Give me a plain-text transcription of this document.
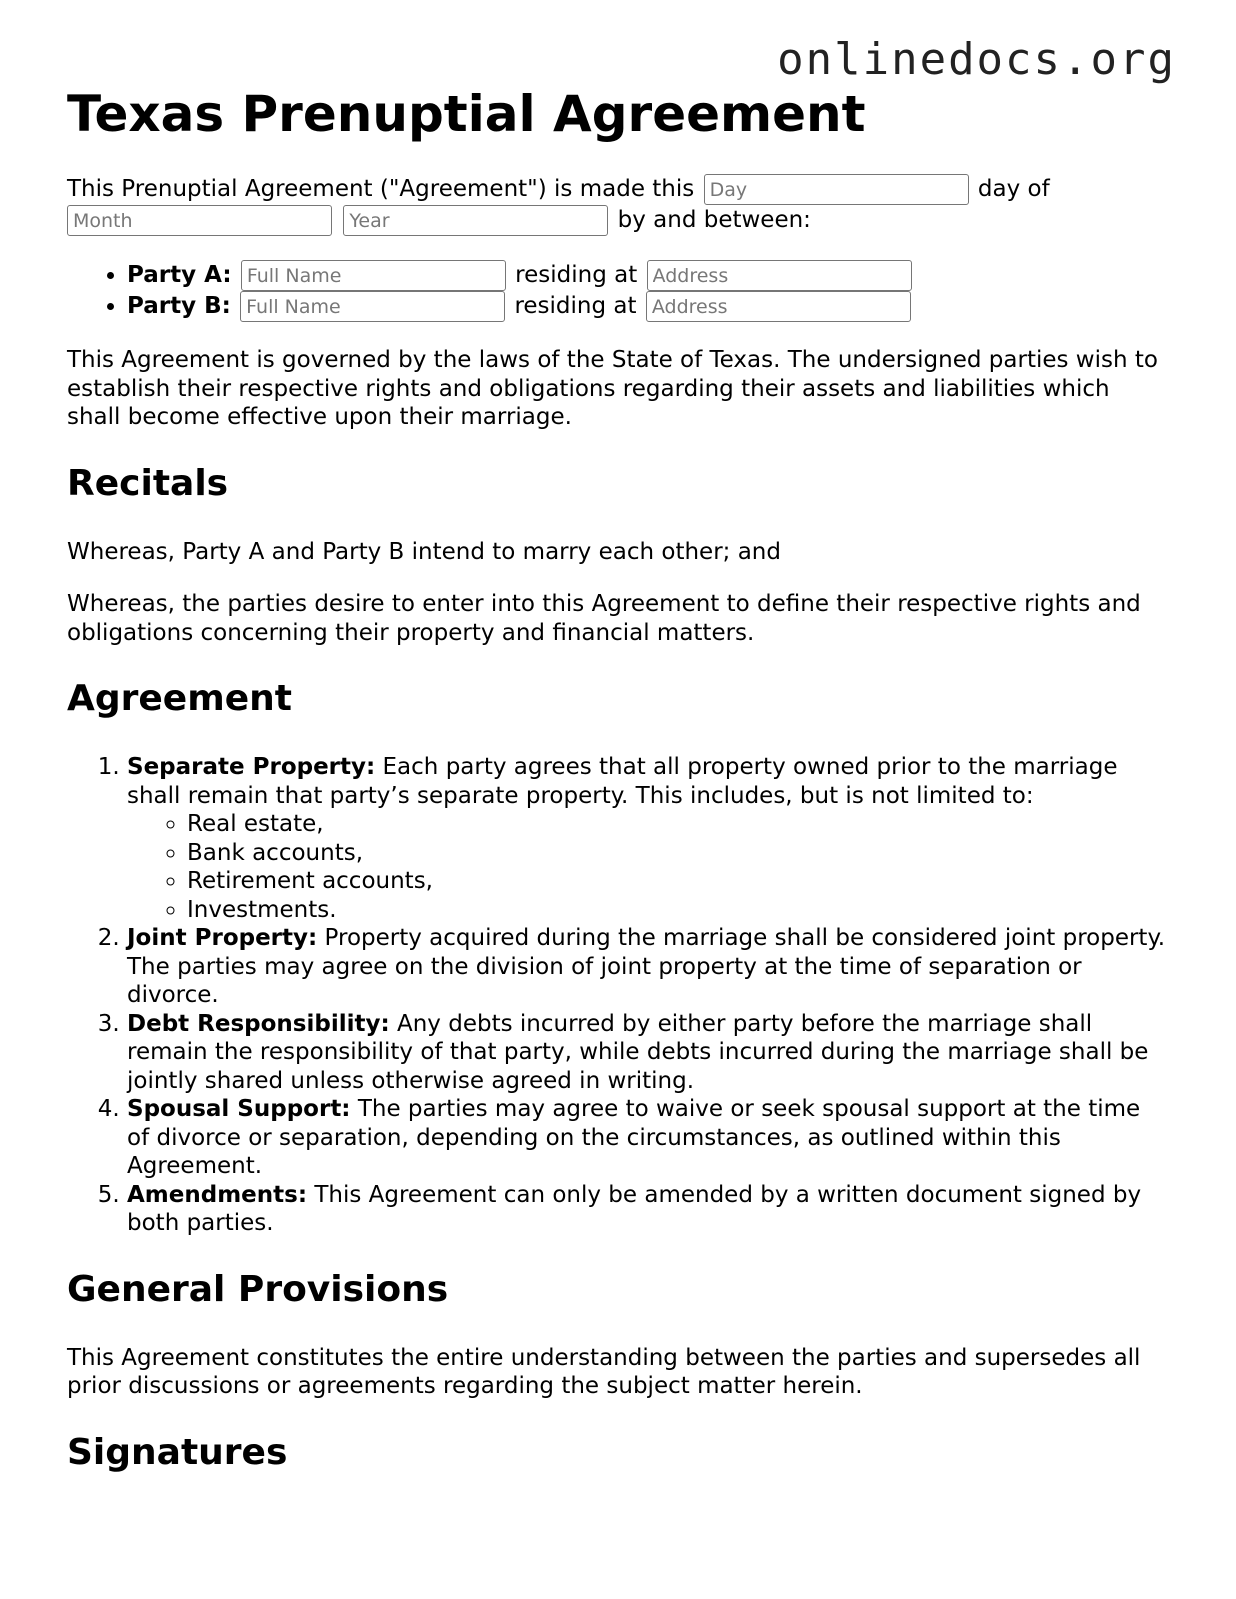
onlinedocs.org
Texas Prenuptial Agreement

This Prenuptial Agreement ("Agreement") is made this Day	day of
Month Year by and between:

• Party A: Full Name	residing at Address
• Party B: Full Name	residing at Address

This Agreement is governed by the laws of the State of Texas. The undersigned parties wish to establish their respective rights and obligations regarding their assets and liabilities which shall become effective upon their marriage.

Recitals

Whereas, Party A and Party B intend to marry each other; and

Whereas, the parties desire to enter into this Agreement to define their respective rights and obligations concerning their property and financial matters.

Agreement
1. Separate Property: Each party agrees that all property owned prior to the marriage shall remain that party’s separate property. This includes, but is not limited to:
◦ Real estate,
◦ Bank accounts,
◦ Retirement accounts,
◦ Investments.
2. Joint Property: Property acquired during the marriage shall be considered joint property. The parties may agree on the division of joint property at the time of separation or divorce.
3. Debt Responsibility: Any debts incurred by either party before the marriage shall remain the responsibility of that party, while debts incurred during the marriage shall be jointly shared unless otherwise agreed in writing.
4. Spousal Support: The parties may agree to waive or seek spousal support at the time of divorce or separation, depending on the circumstances, as outlined within this Agreement.
5. Amendments: This Agreement can only be amended by a written document signed by both parties.
General Provisions

This Agreement constitutes the entire understanding between the parties and supersedes all prior discussions or agreements regarding the subject matter herein.

Signatures
